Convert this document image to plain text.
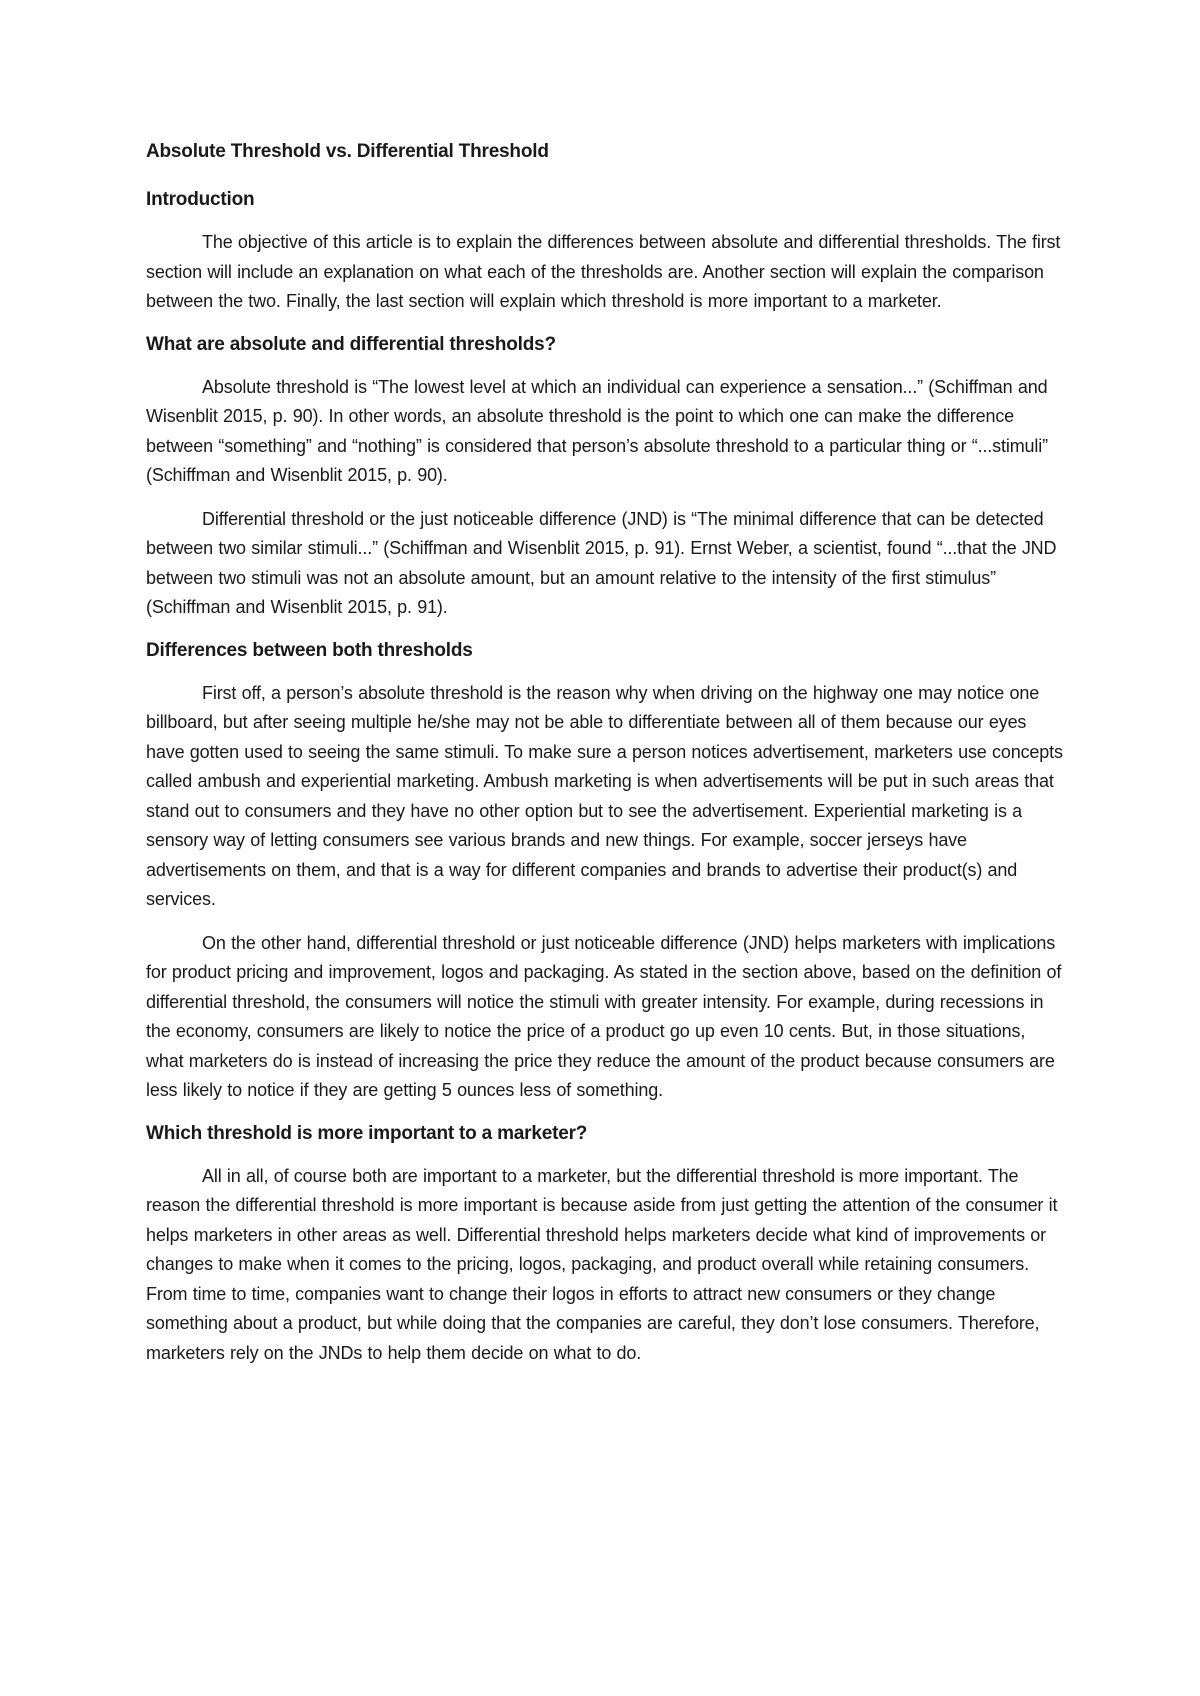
Absolute Threshold vs. Differential Threshold
Introduction

The objective of this article is to explain the differences between absolute and differential thresholds. The first section will include an explanation on what each of the thresholds are. Another section will explain the comparison between the two. Finally, the last section will explain which threshold is more important to a marketer.

What are absolute and differential thresholds?

Absolute threshold is “The lowest level at which an individual can experience a sensation...” (Schiffman and Wisenblit 2015, p. 90). In other words, an absolute threshold is the point to which one can make the difference between “something” and “nothing” is considered that person’s absolute threshold to a particular thing or “...stimuli” (Schiffman and Wisenblit 2015, p. 90).

Differential threshold or the just noticeable difference (JND) is “The minimal difference that can be detected between two similar stimuli...” (Schiffman and Wisenblit 2015, p. 91). Ernst Weber, a scientist, found “...that the JND between two stimuli was not an absolute amount, but an amount relative to the intensity of the first stimulus” (Schiffman and Wisenblit 2015, p. 91).

Differences between both thresholds

First off, a person’s absolute threshold is the reason why when driving on the highway one may notice one billboard, but after seeing multiple he/she may not be able to differentiate between all of them because our eyes have gotten used to seeing the same stimuli. To make sure a person notices advertisement, marketers use concepts called ambush and experiential marketing. Ambush marketing is when advertisements will be put in such areas that stand out to consumers and they have no other option but to see the advertisement. Experiential marketing is a sensory way of letting consumers see various brands and new things. For example, soccer jerseys have advertisements on them, and that is a way for different companies and brands to advertise their product(s) and services.

On the other hand, differential threshold or just noticeable difference (JND) helps marketers with implications for product pricing and improvement, logos and packaging. As stated in the section above, based on the definition of differential threshold, the consumers will notice the stimuli with greater intensity. For example, during recessions in the economy, consumers are likely to notice the price of a product go up even 10 cents. But, in those situations, what marketers do is instead of increasing the price they reduce the amount of the product because consumers are less likely to notice if they are getting 5 ounces less of something.

Which threshold is more important to a marketer?

All in all, of course both are important to a marketer, but the differential threshold is more important. The reason the differential threshold is more important is because aside from just getting the attention of the consumer it helps marketers in other areas as well. Differential threshold helps marketers decide what kind of improvements or changes to make when it comes to the pricing, logos, packaging, and product overall while retaining consumers. From time to time, companies want to change their logos in efforts to attract new consumers or they change something about a product, but while doing that the companies are careful, they don’t lose consumers. Therefore, marketers rely on the JNDs to help them decide on what to do.
